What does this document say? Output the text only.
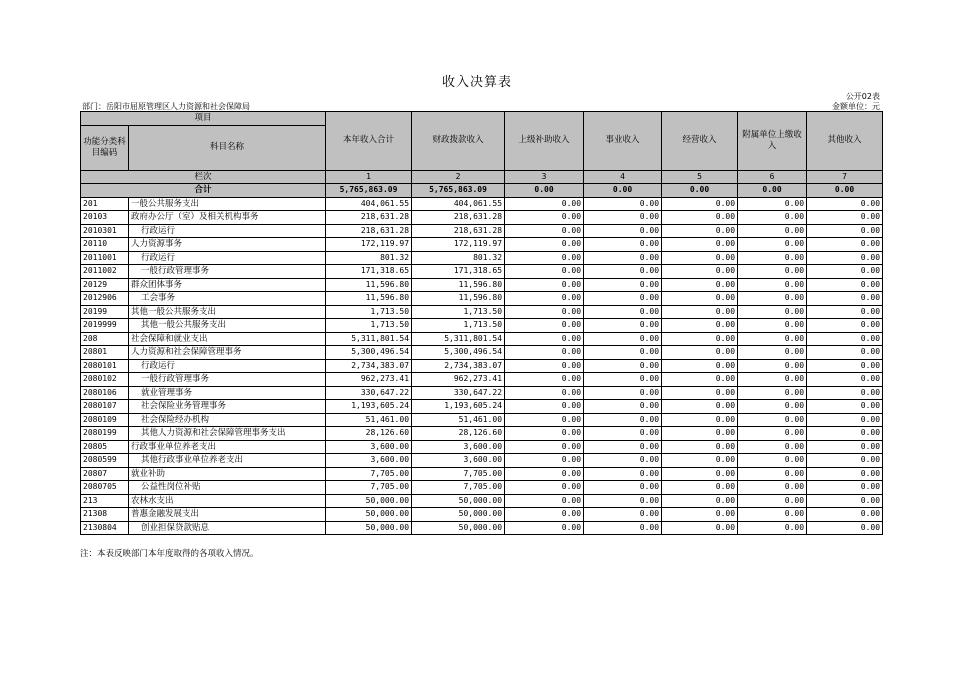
收入决算表
公开02表
部门：岳阳市屈原管理区人力资源和社会保障局	金额单位：元
项目		本年收入合计	财政拨款收入	上级补助收入	事业收入	经营收入	附属单位上缴收入	其他收入
功能分类科目编码	科目名称							
栏次		1	2	3	4	5	6	7
合计		5,765,863.09	5,765,863.09	0.00	0.00	0.00	0.00	0.00
201	一般公共服务支出	404,061.55	404,061.55	0.00	0.00	0.00	0.00	0.00
20103	政府办公厅（室）及相关机构事务	218,631.28	218,631.28	0.00	0.00	0.00	0.00	0.00
2010301	行政运行	218,631.28	218,631.28	0.00	0.00	0.00	0.00	0.00
20110	人力资源事务	172,119.97	172,119.97	0.00	0.00	0.00	0.00	0.00
2011001	行政运行	801.32	801.32	0.00	0.00	0.00	0.00	0.00
2011002	一般行政管理事务	171,318.65	171,318.65	0.00	0.00	0.00	0.00	0.00
20129	群众团体事务	11,596.80	11,596.80	0.00	0.00	0.00	0.00	0.00
2012906	工会事务	11,596.80	11,596.80	0.00	0.00	0.00	0.00	0.00
20199	其他一般公共服务支出	1,713.50	1,713.50	0.00	0.00	0.00	0.00	0.00
2019999	其他一般公共服务支出	1,713.50	1,713.50	0.00	0.00	0.00	0.00	0.00
208	社会保障和就业支出	5,311,801.54	5,311,801.54	0.00	0.00	0.00	0.00	0.00
20801	人力资源和社会保障管理事务	5,300,496.54	5,300,496.54	0.00	0.00	0.00	0.00	0.00
2080101	行政运行	2,734,383.07	2,734,383.07	0.00	0.00	0.00	0.00	0.00
2080102	一般行政管理事务	962,273.41	962,273.41	0.00	0.00	0.00	0.00	0.00
2080106	就业管理事务	330,647.22	330,647.22	0.00	0.00	0.00	0.00	0.00
2080107	社会保险业务管理事务	1,193,605.24	1,193,605.24	0.00	0.00	0.00	0.00	0.00
2080109	社会保险经办机构	51,461.00	51,461.00	0.00	0.00	0.00	0.00	0.00
2080199	其他人力资源和社会保障管理事务支出	28,126.60	28,126.60	0.00	0.00	0.00	0.00	0.00
20805	行政事业单位养老支出	3,600.00	3,600.00	0.00	0.00	0.00	0.00	0.00
2080599	其他行政事业单位养老支出	3,600.00	3,600.00	0.00	0.00	0.00	0.00	0.00
20807	就业补助	7,705.00	7,705.00	0.00	0.00	0.00	0.00	0.00
2080705	公益性岗位补贴	7,705.00	7,705.00	0.00	0.00	0.00	0.00	0.00
213	农林水支出	50,000.00	50,000.00	0.00	0.00	0.00	0.00	0.00
21308	普惠金融发展支出	50,000.00	50,000.00	0.00	0.00	0.00	0.00	0.00
2130804	创业担保贷款贴息	50,000.00	50,000.00	0.00	0.00	0.00	0.00	0.00
注：本表反映部门本年度取得的各项收入情况。
